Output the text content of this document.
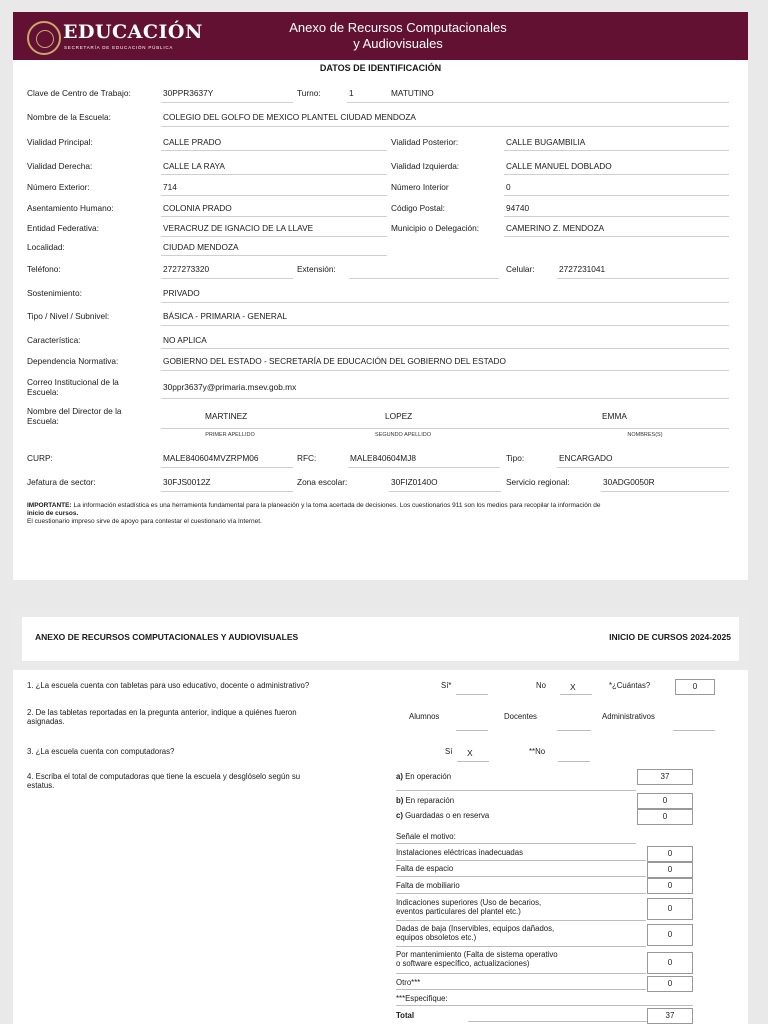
EDUCACIÓN
SECRETARÍA DE EDUCACIÓN PÚBLICA
Anexo de Recursos Computacionales
y Audiovisuales
DATOS DE IDENTIFICACIÓN
Clave de Centro de Trabajo:	30PPR3637Y	Turno:	1	MATUTINO
Nombre de la Escuela:	COLEGIO DEL GOLFO DE MEXICO PLANTEL CIUDAD MENDOZA
Vialidad Principal:	CALLE PRADO	Vialidad Posterior:	CALLE BUGAMBILIA
Vialidad Derecha:	CALLE LA RAYA	Vialidad Izquierda:	CALLE MANUEL DOBLADO
Número Exterior:	714	Número Interior	0
Asentamiento Humano:	COLONIA PRADO	Código Postal:	94740
Entidad Federativa:	VERACRUZ DE IGNACIO DE LA LLAVE	Municipio o Delegación:	CAMERINO Z. MENDOZA
Localidad:	CIUDAD MENDOZA
Teléfono:	2727273320	Extensión:	Celular:	2727231041
Sostenimiento:	PRIVADO
Tipo / Nivel / Subnivel:	BÁSICA - PRIMARIA - GENERAL
Característica:	NO APLICA
Dependencia Normativa:	GOBIERNO DEL ESTADO - SECRETARÍA DE EDUCACIÓN DEL GOBIERNO DEL ESTADO
Correo Institucional de la
Escuela:	30ppr3637y@primaria.msev.gob.mx
Nombre del Director de la
Escuela:	MARTINEZ	LOPEZ	EMMA
PRIMER APELLIDO	SEGUNDO APELLIDO	NOMBRES(S)
CURP:	MALE840604MVZRPM06	RFC:	MALE840604MJ8	Tipo:	ENCARGADO
Jefatura de sector:	30FJS0012Z	Zona escolar:	30FIZ0140O	Servicio regional:	30ADG0050R
IMPORTANTE: La información estadística es una herramienta fundamental para la planeación y la toma acertada de decisiones. Los cuestionarios 911 son los medios para recopilar la información de
inicio de cursos.
El cuestionario impreso sirve de apoyo para contestar el cuestionario vía Internet.
ANEXO DE RECURSOS COMPUTACIONALES Y AUDIOVISUALES	INICIO DE CURSOS 2024-2025
1. ¿La escuela cuenta con tabletas para uso educativo, docente o administrativo?	Sí*	No	X	*¿Cuántas?	0
2. De las tabletas reportadas en la pregunta anterior, indique a quiénes fueron
asignadas.
Alumnos	Docentes	Administrativos
3. ¿La escuela cuenta con computadoras?	Sí X	**No
4. Escriba el total de computadoras que tiene la escuela y desglóselo según su
estatus.
a) En operación	37
b) En reparación	0
c) Guardadas o en reserva	0
Señale el motivo:
Instalaciones eléctricas inadecuadas	0
Falta de espacio	0
Falta de mobiliario	0
Indicaciones superiores (Uso de becarios,
eventos particulares del plantel etc.)	0
Dadas de baja (Inservibles, equipos dañados,
equipos obsoletos etc.)	0
Por mantenimiento (Falta de sistema operativo
o software específico, actualizaciones)	0
Otro***	0
***Especifique:
Total	37
